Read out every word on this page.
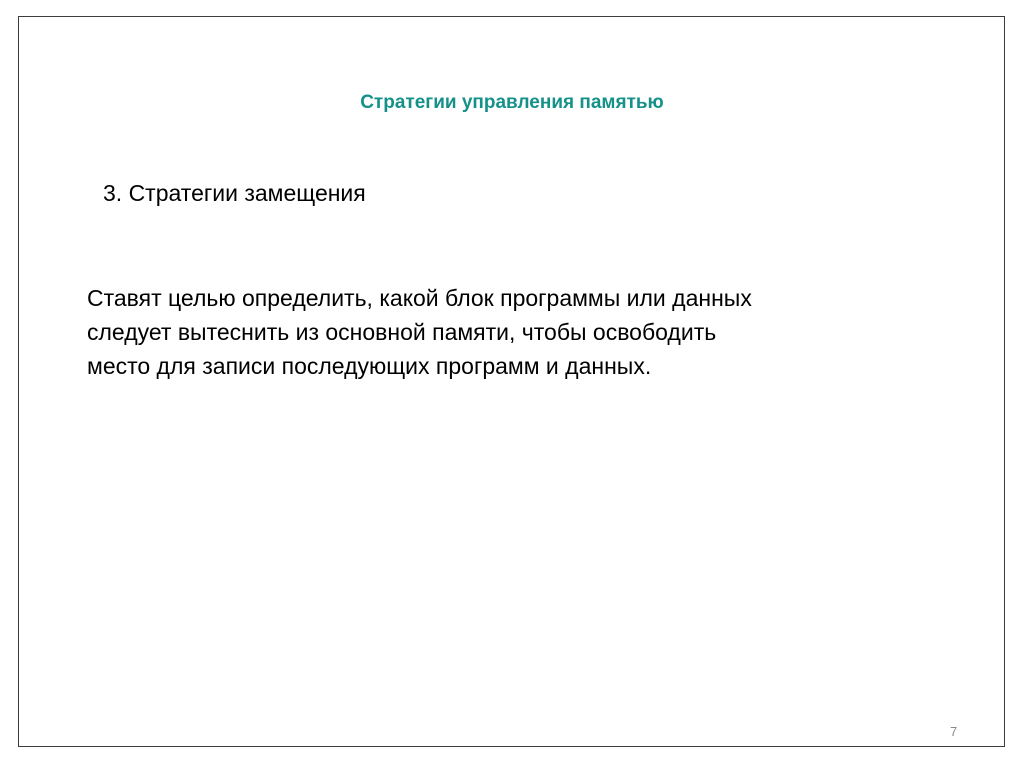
Стратегии управления памятью
3. Стратегии замещения
Ставят целью определить, какой блок программы или данных
следует вытеснить из основной памяти, чтобы освободить
место для записи последующих программ и данных.
7
